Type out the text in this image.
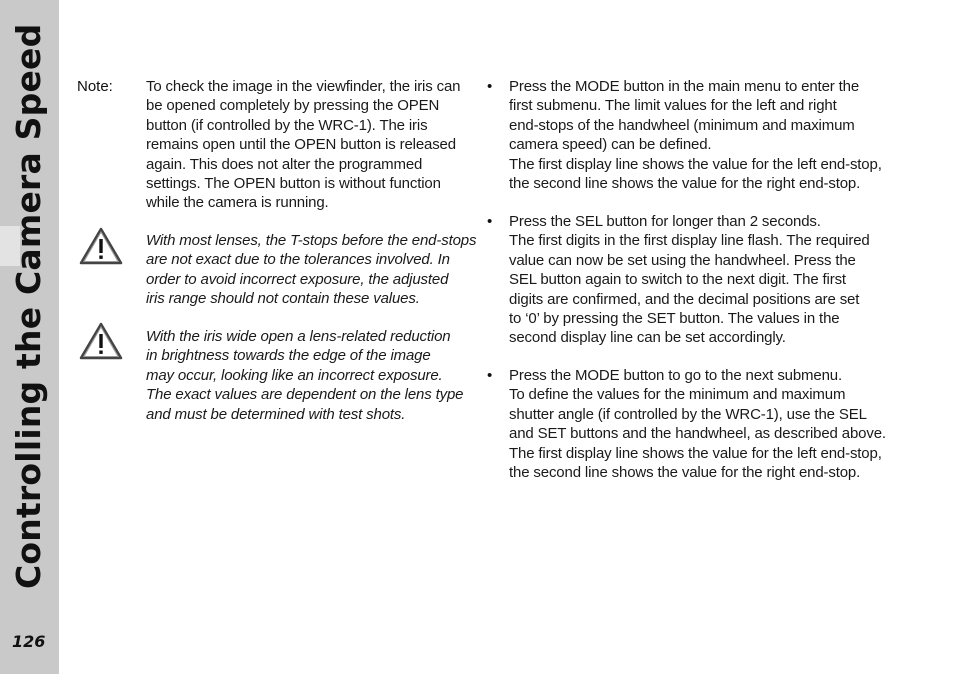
Controlling the Camera Speed
126
Note: To check the image in the viewfinder, the iris can
be opened completely by pressing the OPEN
button (if controlled by the WRC-1). The iris
remains open until the OPEN button is released
again. This does not alter the programmed
settings. The OPEN button is without function
while the camera is running.
With most lenses, the T-stops before the end-stops
are not exact due to the tolerances involved. In
order to avoid incorrect exposure, the adjusted
iris range should not contain these values.
With the iris wide open a lens-related reduction
in brightness towards the edge of the image
may occur, looking like an incorrect exposure.
The exact values are dependent on the lens type
and must be determined with test shots.
• Press the MODE button in the main menu to enter the
first submenu. The limit values for the left and right
end-stops of the handwheel (minimum and maximum
camera speed) can be defined.
The first display line shows the value for the left end-stop,
the second line shows the value for the right end-stop.
• Press the SEL button for longer than 2 seconds.
The first digits in the first display line flash. The required
value can now be set using the handwheel. Press the
SEL button again to switch to the next digit. The first
digits are confirmed, and the decimal positions are set
to ‘0’ by pressing the SET button. The values in the
second display line can be set accordingly.
• Press the MODE button to go to the next submenu.
To define the values for the minimum and maximum
shutter angle (if controlled by the WRC-1), use the SEL
and SET buttons and the handwheel, as described above.
The first display line shows the value for the left end-stop,
the second line shows the value for the right end-stop.
